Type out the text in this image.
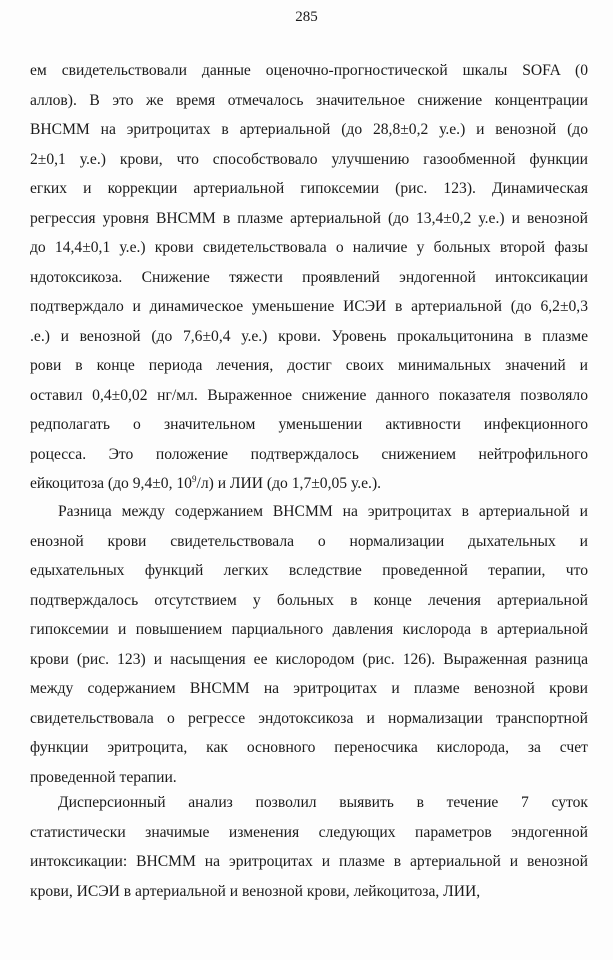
285
ем свидетельствовали данные оценочно-прогностической шкалы SOFA (0
аллов). В это же время отмечалось значительное снижение концентрации
ВНСММ на эритроцитах в артериальной (до 28,8±0,2 у.е.) и венозной (до
2±0,1 у.е.) крови, что способствовало улучшению газообменной функции
егких и коррекции артериальной гипоксемии (рис. 123). Динамическая
регрессия уровня ВНСММ в плазме артериальной (до 13,4±0,2 у.е.) и венозной
до 14,4±0,1 у.е.) крови свидетельствовала о наличие у больных второй фазы
ндотоксикоза. Снижение тяжести проявлений эндогенной интоксикации
подтверждало и динамическое уменьшение ИСЭИ в артериальной (до 6,2±0,3
.е.) и венозной (до 7,6±0,4 у.е.) крови. Уровень прокальцитонина в плазме
рови в конце периода лечения, достиг своих минимальных значений и
оставил 0,4±0,02 нг/мл. Выраженное снижение данного показателя позволяло
редполагать о значительном уменьшении активности инфекционного
роцесса. Это положение подтверждалось снижением нейтрофильного
ейкоцитоза (до 9,4±0, $10^9/л$) и ЛИИ (до 1,7±0,05 у.е.).
Разница между содержанием ВНСММ на эритроцитах в артериальной и
енозной крови свидетельствовала о нормализации дыхательных и
едыхательных функций легких вследствие проведенной терапии, что
подтверждалось отсутствием у больных в конце лечения артериальной
гипоксемии и повышением парциального давления кислорода в артериальной
крови (рис. 123) и насыщения ее кислородом (рис. 126). Выраженная разница
между содержанием ВНСММ на эритроцитах и плазме венозной крови
свидетельствовала о регрессе эндотоксикоза и нормализации транспортной
функции эритроцита, как основного переносчика кислорода, за счет
проведенной терапии.
Дисперсионный анализ позволил выявить в течение 7 суток
статистически значимые изменения следующих параметров эндогенной
интоксикации: ВНСММ на эритроцитах и плазме в артериальной и венозной
крови, ИСЭИ в артериальной и венозной крови, лейкоцитоза, ЛИИ,
